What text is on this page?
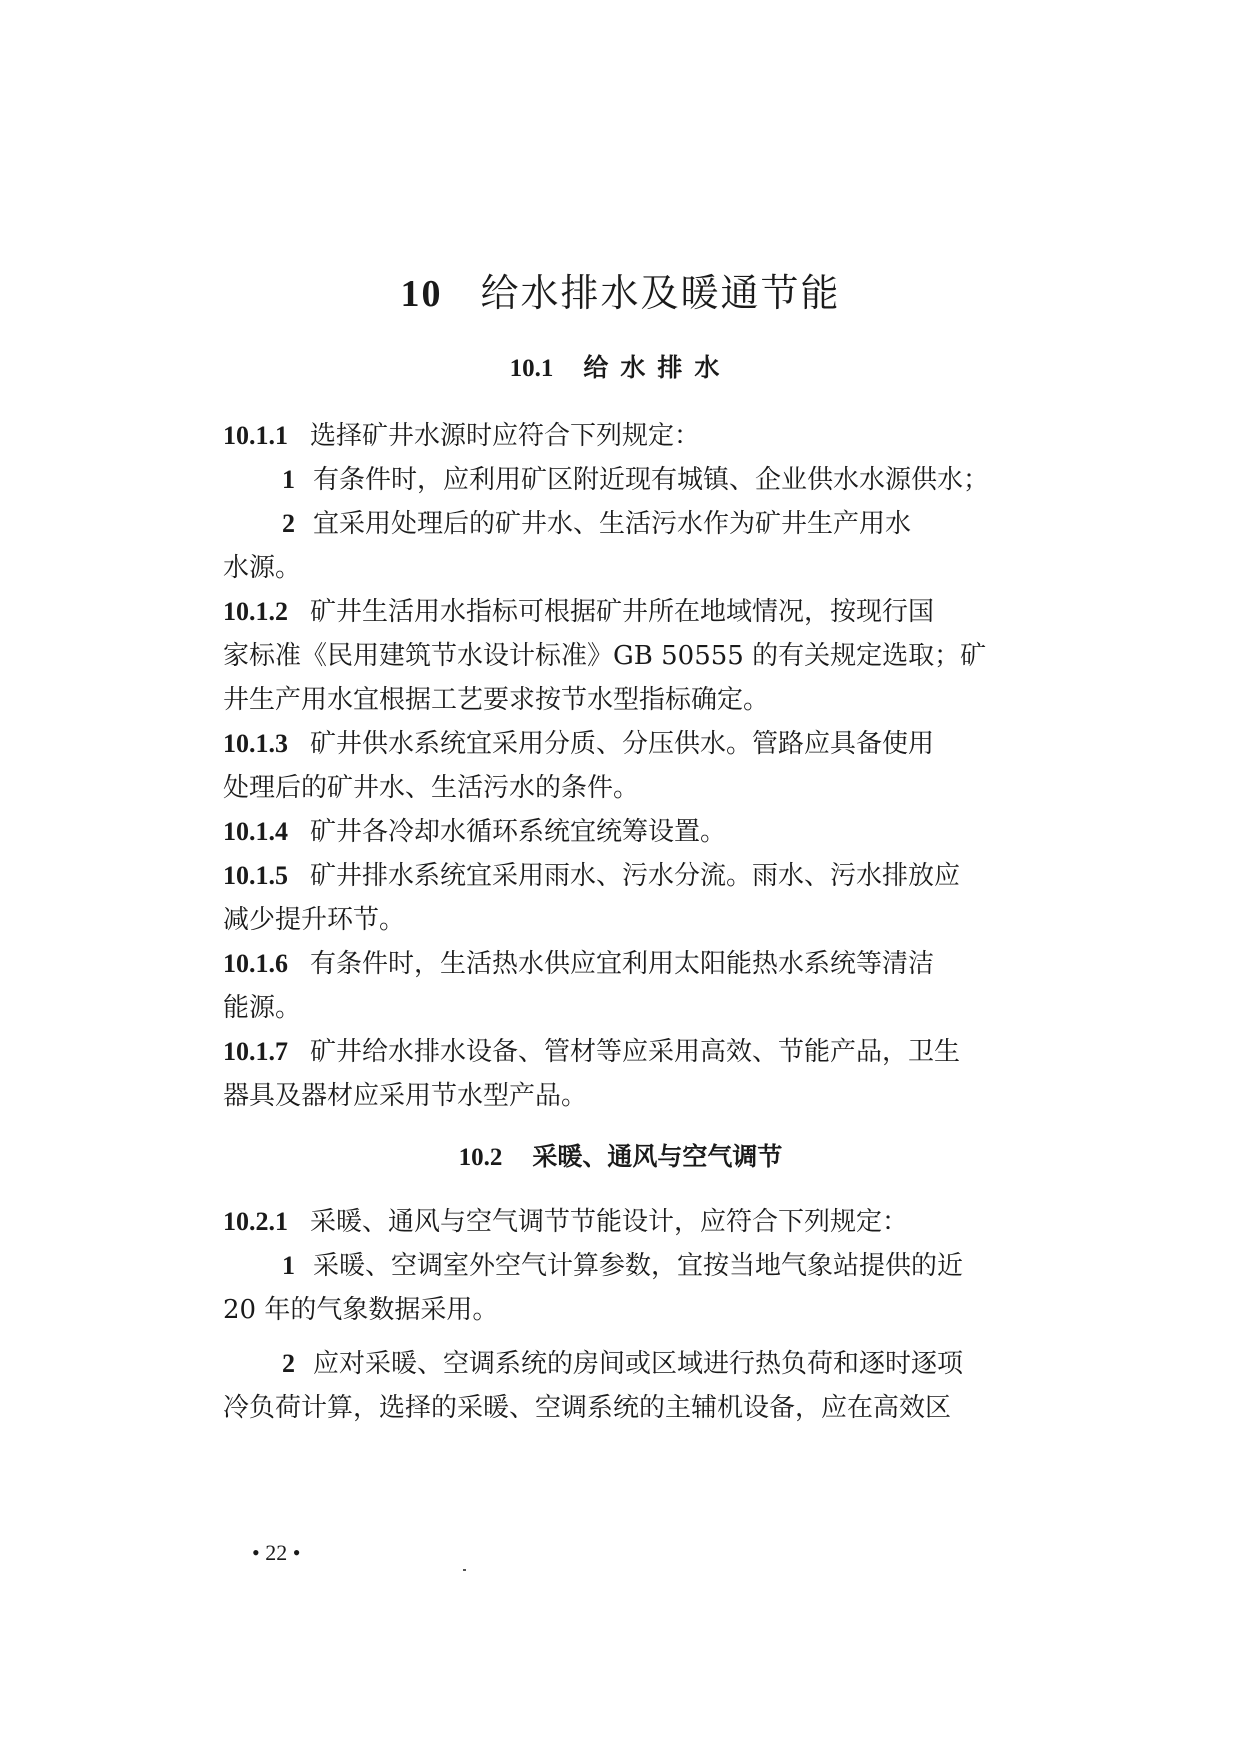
10 给水排水及暖通节能
10.1 给水排水
10.1.1 选择矿井水源时应符合下列规定：
1 有条件时，应利用矿区附近现有城镇、企业供水水源供水；
2 宜采用处理后的矿井水、生活污水作为矿井生产用水
水源。
10.1.2 矿井生活用水指标可根据矿井所在地域情况，按现行国
家标准《民用建筑节水设计标准》GB 50555 的有关规定选取；矿
井生产用水宜根据工艺要求按节水型指标确定。
10.1.3 矿井供水系统宜采用分质、分压供水。管路应具备使用
处理后的矿井水、生活污水的条件。
10.1.4 矿井各冷却水循环系统宜统筹设置。
10.1.5 矿井排水系统宜采用雨水、污水分流。雨水、污水排放应
减少提升环节。
10.1.6 有条件时，生活热水供应宜利用太阳能热水系统等清洁
能源。
10.1.7 矿井给水排水设备、管材等应采用高效、节能产品，卫生
器具及器材应采用节水型产品。
10.2 采暖、通风与空气调节
10.2.1 采暖、通风与空气调节节能设计，应符合下列规定：
1 采暖、空调室外空气计算参数，宜按当地气象站提供的近
20 年的气象数据采用。
2 应对采暖、空调系统的房间或区域进行热负荷和逐时逐项
冷负荷计算，选择的采暖、空调系统的主辅机设备，应在高效区
• 22 •
